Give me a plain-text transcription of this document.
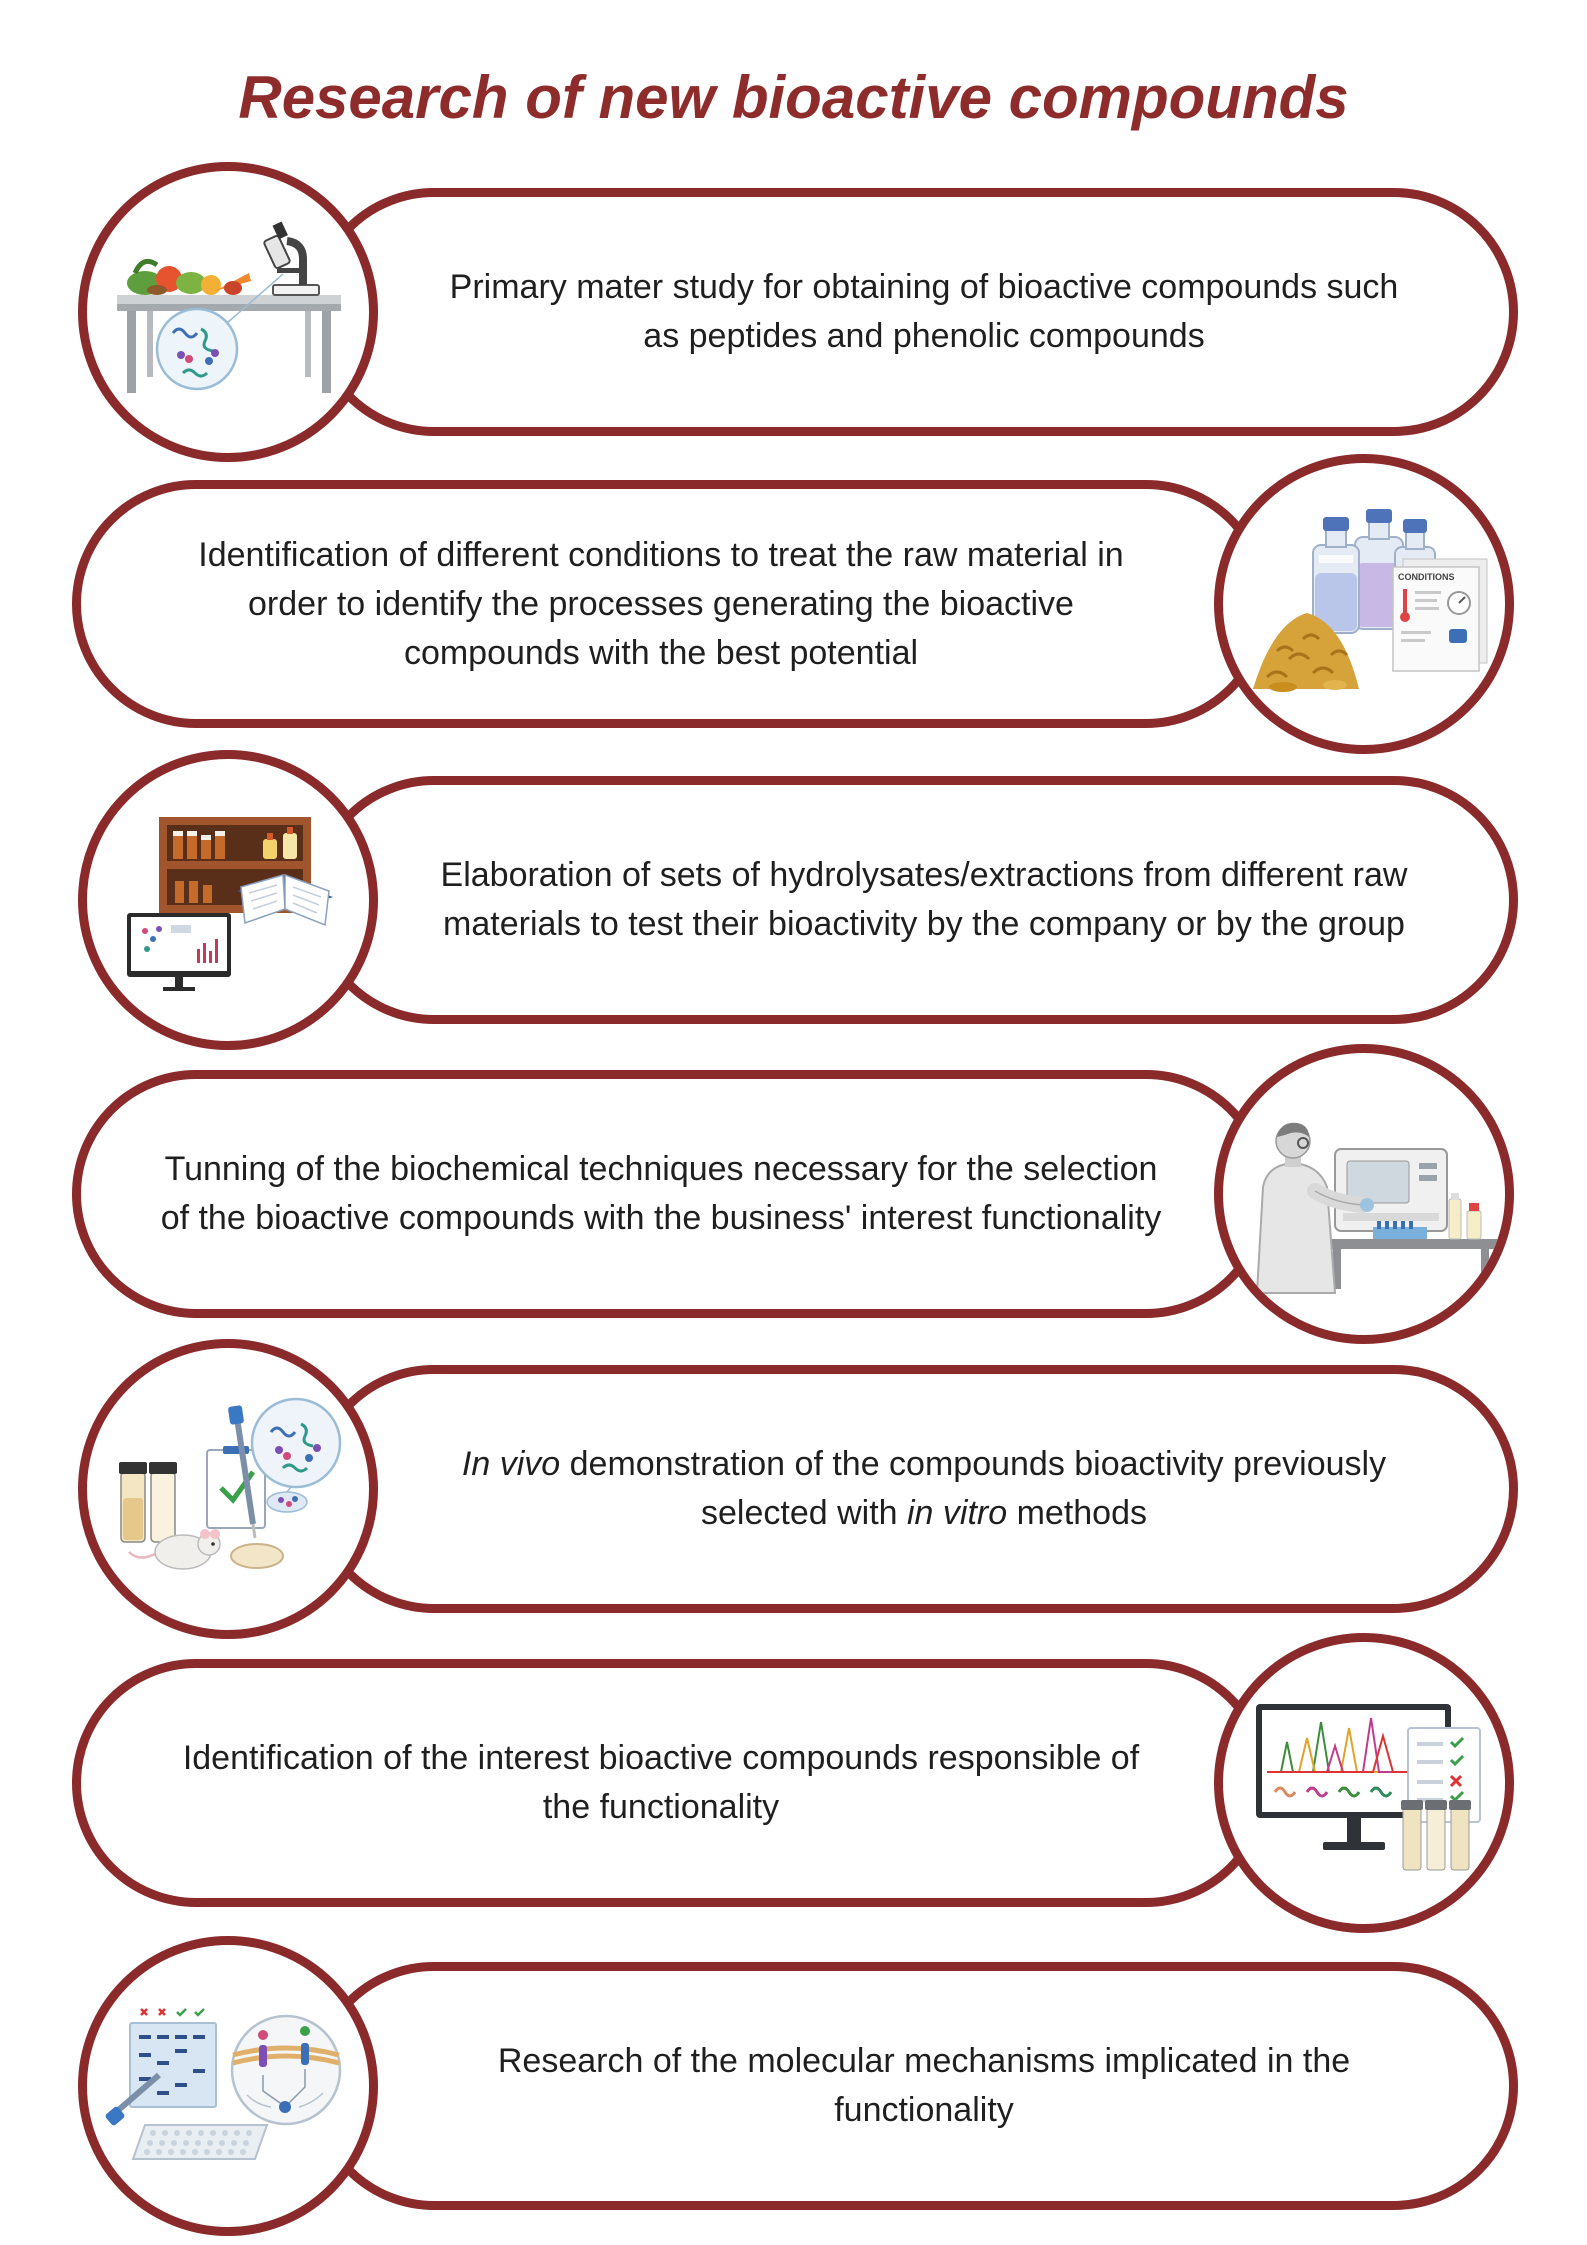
Research of new bioactive compounds
Primary mater study for obtaining of bioactive compounds such
as peptides and phenolic compounds
Identification of different conditions to treat the raw material in
order to identify the processes generating the bioactive
compounds with the best potential
CONDITIONS
Elaboration of sets of hydrolysates/extractions from different raw
materials to test their bioactivity by the company or by the group
Tunning of the biochemical techniques necessary for the selection
of the bioactive compounds with the business' interest functionality
In vivo demonstration of the compounds bioactivity previously
selected with in vitro methods
Identification of the interest bioactive compounds responsible of
the functionality
Research of the molecular mechanisms implicated in the
functionality
